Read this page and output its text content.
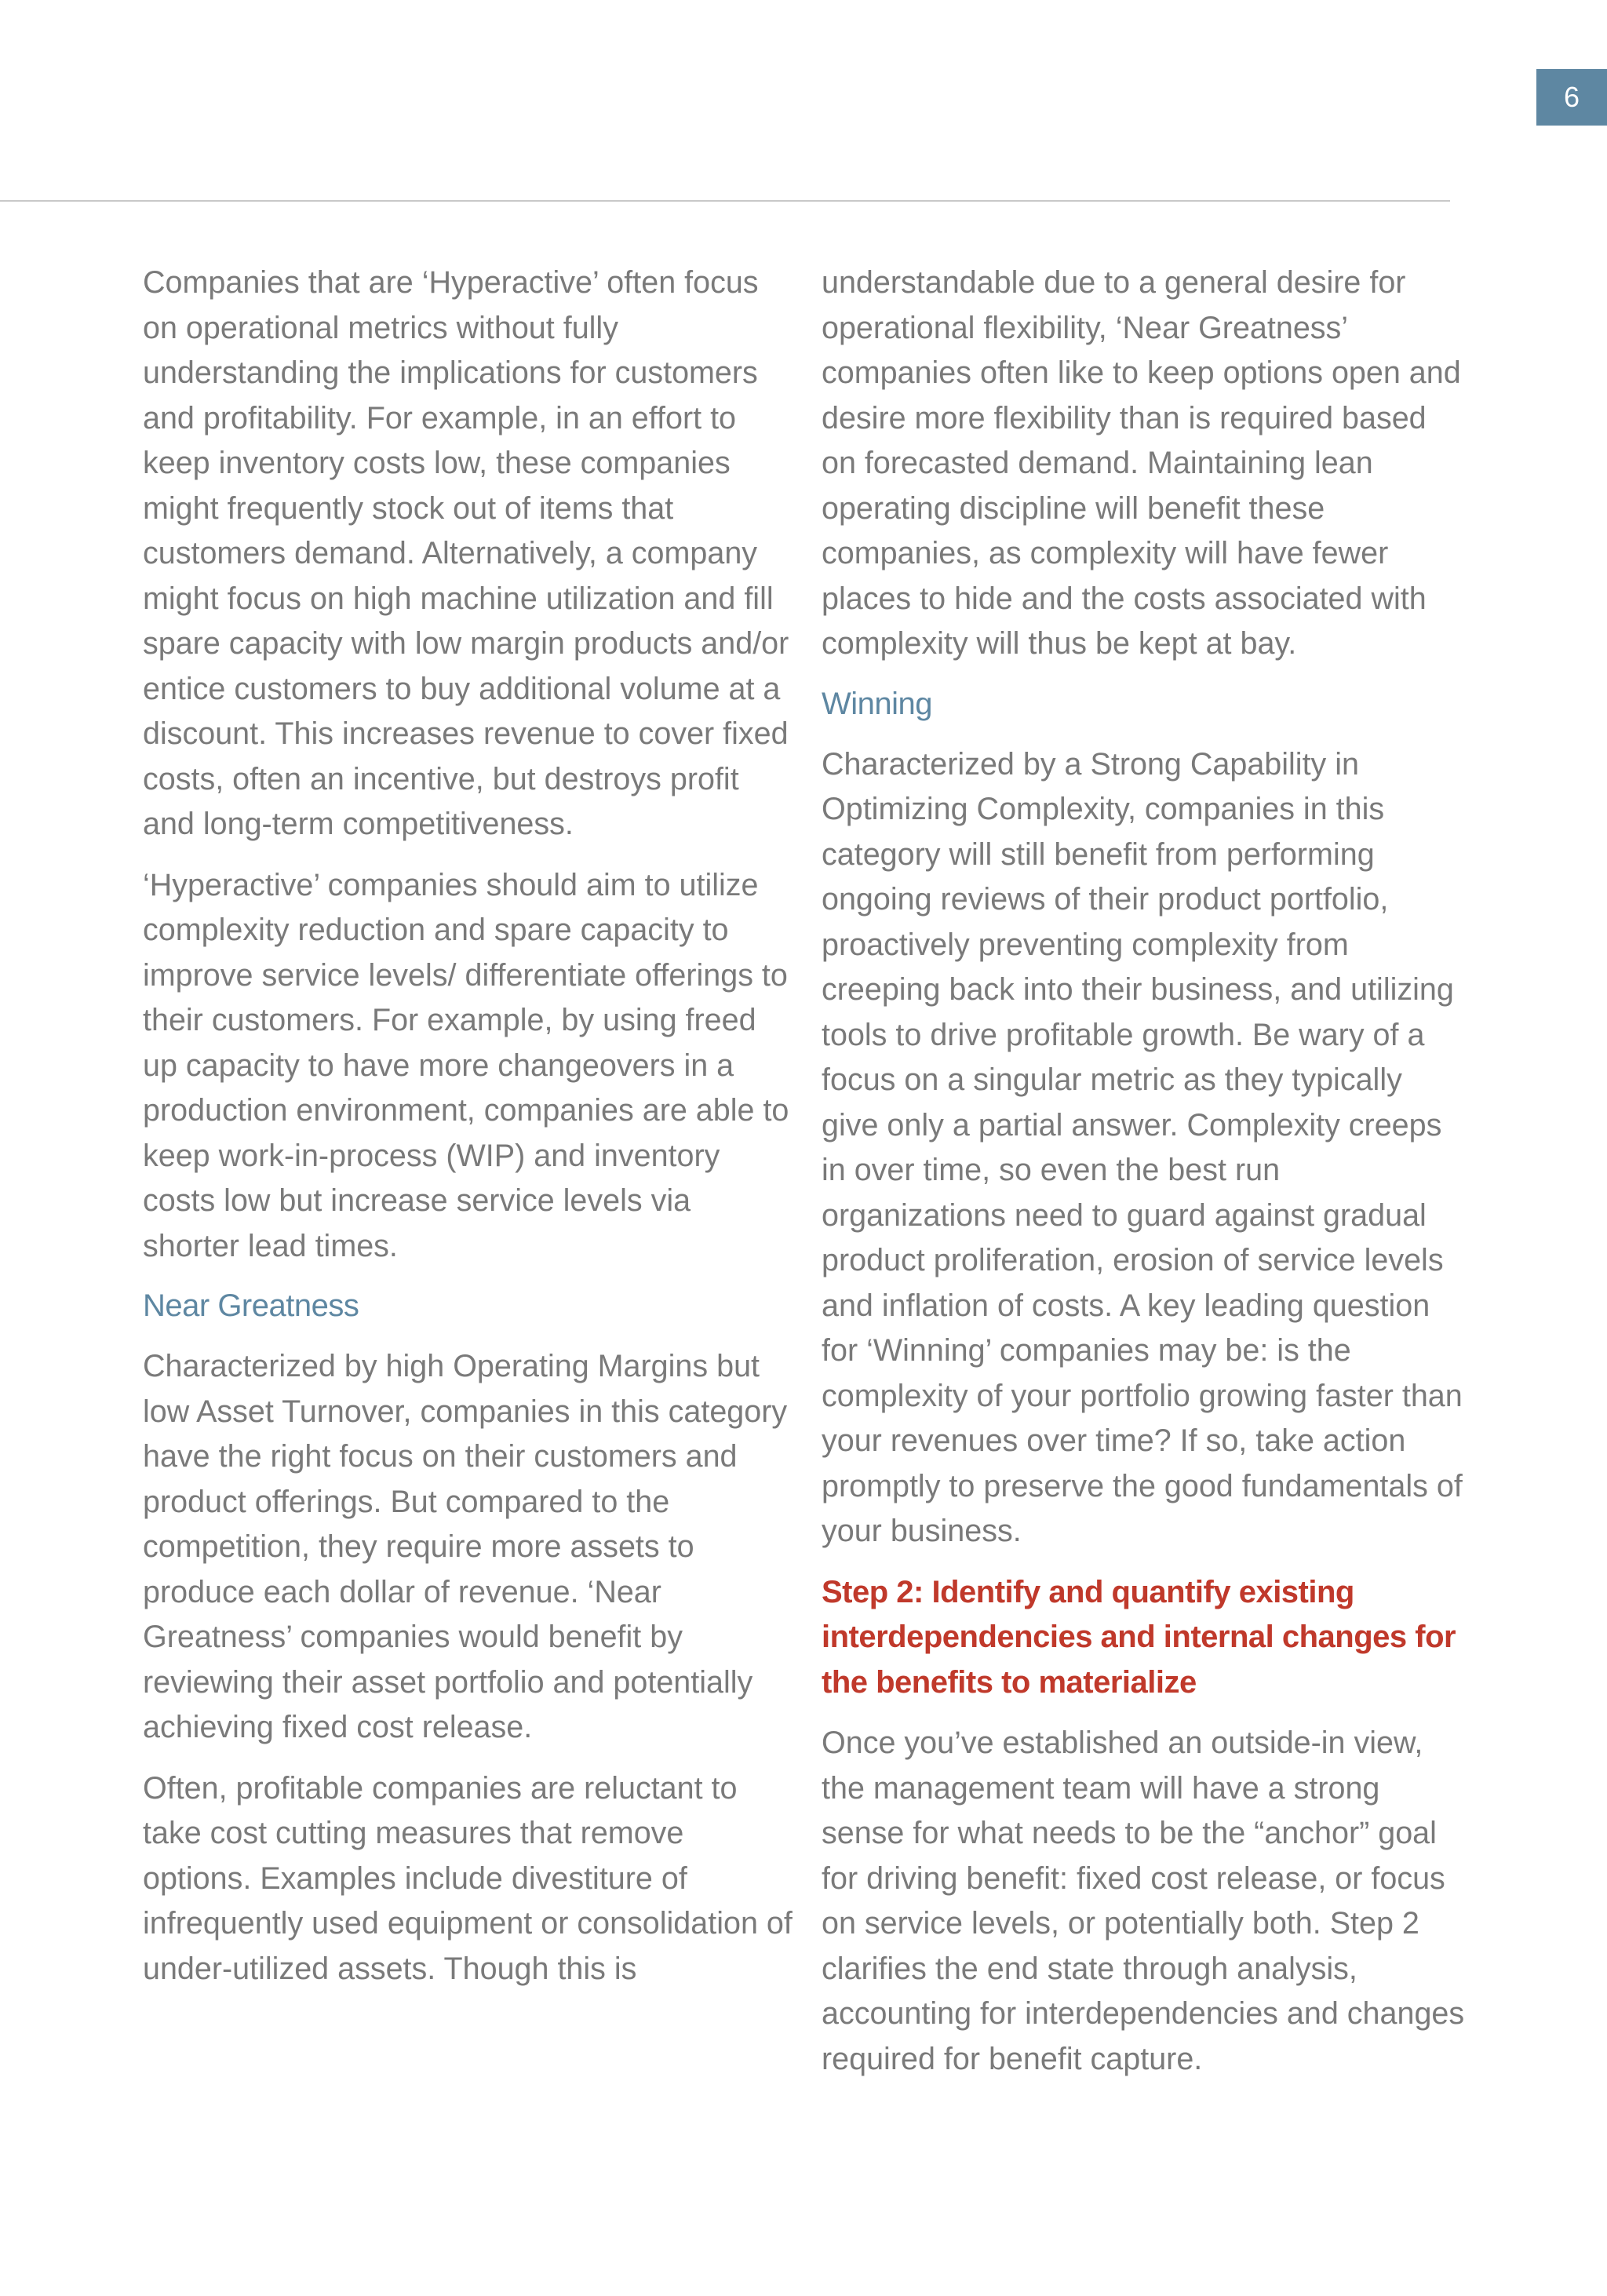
6

Companies that are ‘Hyperactive’ often focus on operational metrics without fully understanding the implications for customers and profitability. For example, in an effort to keep inventory costs low, these companies might frequently stock out of items that customers demand. Alternatively, a company might focus on high machine utilization and fill spare capacity with low margin products and/or entice customers to buy additional volume at a discount. This increases revenue to cover fixed costs, often an incentive, but destroys profit and long-term competitiveness.

‘Hyperactive’ companies should aim to utilize complexity reduction and spare capacity to improve service levels/ differentiate offerings to their customers. For example, by using freed up capacity to have more changeovers in a production environment, companies are able to keep work-in-process (WIP) and inventory costs low but increase service levels via shorter lead times.

Near Greatness

Characterized by high Operating Margins but low Asset Turnover, companies in this category have the right focus on their customers and product offerings. But compared to the competition, they require more assets to produce each dollar of revenue. ‘Near Greatness’ companies would benefit by reviewing their asset portfolio and potentially achieving fixed cost release.

Often, profitable companies are reluctant to take cost cutting measures that remove options. Examples include divestiture of infrequently used equipment or consolidation of under-utilized assets. Though this is

understandable due to a general desire for operational flexibility, ‘Near Greatness’ companies often like to keep options open and desire more flexibility than is required based on forecasted demand. Maintaining lean operating discipline will benefit these companies, as complexity will have fewer places to hide and the costs associated with complexity will thus be kept at bay.

Winning

Characterized by a Strong Capability in Optimizing Complexity, companies in this category will still benefit from performing ongoing reviews of their product portfolio, proactively preventing complexity from creeping back into their business, and utilizing tools to drive profitable growth. Be wary of a focus on a singular metric as they typically give only a partial answer. Complexity creeps in over time, so even the best run organizations need to guard against gradual product proliferation, erosion of service levels and inflation of costs. A key leading question for ‘Winning’ companies may be: is the complexity of your portfolio growing faster than your revenues over time? If so, take action promptly to preserve the good fundamentals of your business.

Step 2: Identify and quantify existing interdependencies and internal changes for the benefits to materialize

Once you’ve established an outside-in view, the management team will have a strong sense for what needs to be the “anchor” goal for driving benefit: fixed cost release, or focus on service levels, or potentially both. Step 2 clarifies the end state through analysis, accounting for interdependencies and changes required for benefit capture.
